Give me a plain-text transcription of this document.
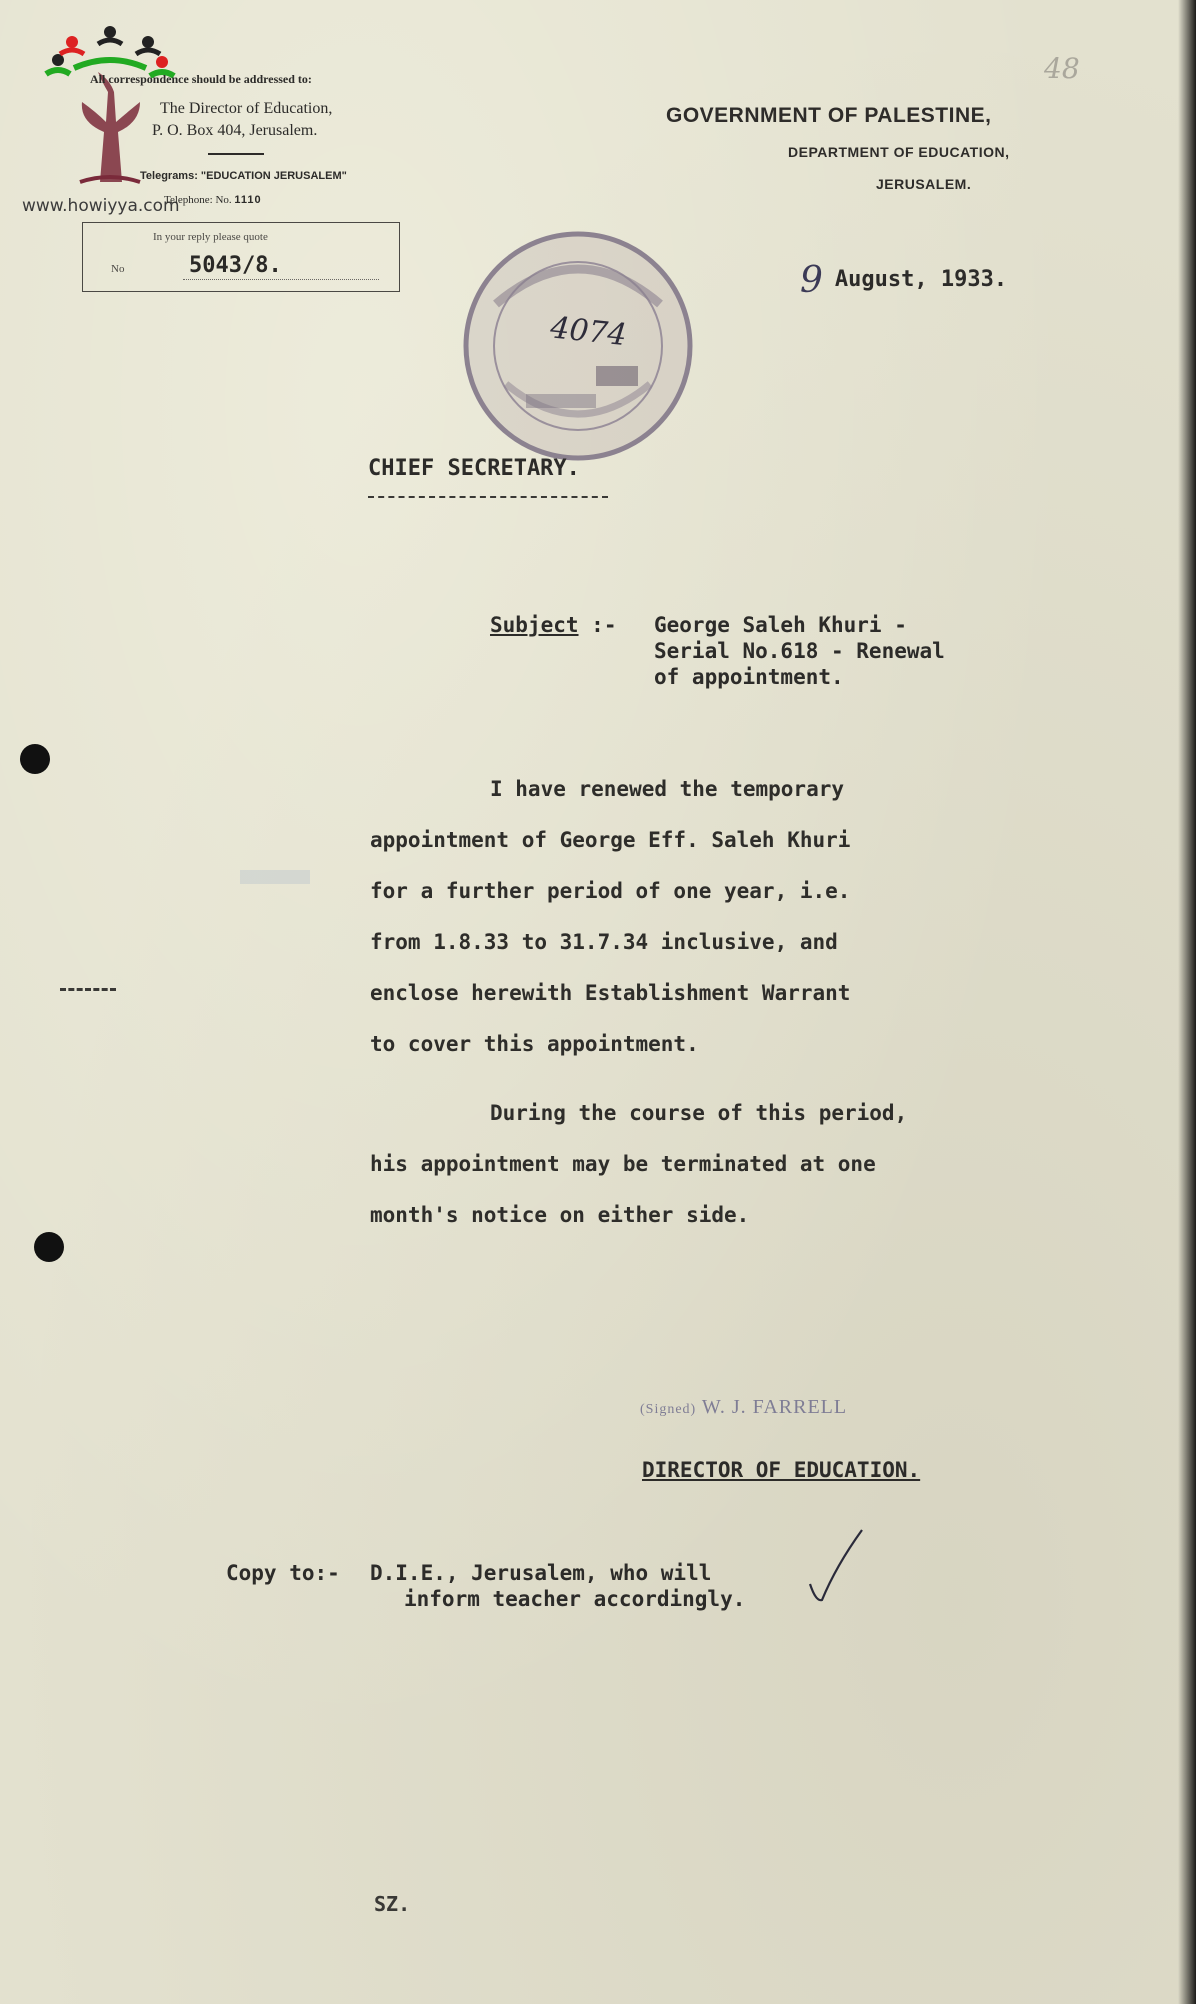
www.howiyya.com
All correspondence should be addressed to:
The Director of Education,
P. O. Box 404, Jerusalem.
Telegrams: "EDUCATION JERUSALEM"
Telephone: No. 1110
In your reply please quote
No	5043/8.
GOVERNMENT OF PALESTINE,
DEPARTMENT OF EDUCATION,
JERUSALEM.
48
9 August, 1933.
4074
CHIEF SECRETARY.
Subject :- George Saleh Khuri -
Serial No.618 - Renewal
of appointment.
I have renewed the temporary
appointment of George Eff. Saleh Khuri
for a further period of one year, i.e.
from 1.8.33 to 31.7.34 inclusive, and
enclose herewith Establishment Warrant
to cover this appointment.
During the course of this period,
his appointment may be terminated at one
month's notice on either side.
(Signed) W. J. FARRELL
DIRECTOR OF EDUCATION.
Copy to:- D.I.E., Jerusalem, who will
inform teacher accordingly.
SZ.
